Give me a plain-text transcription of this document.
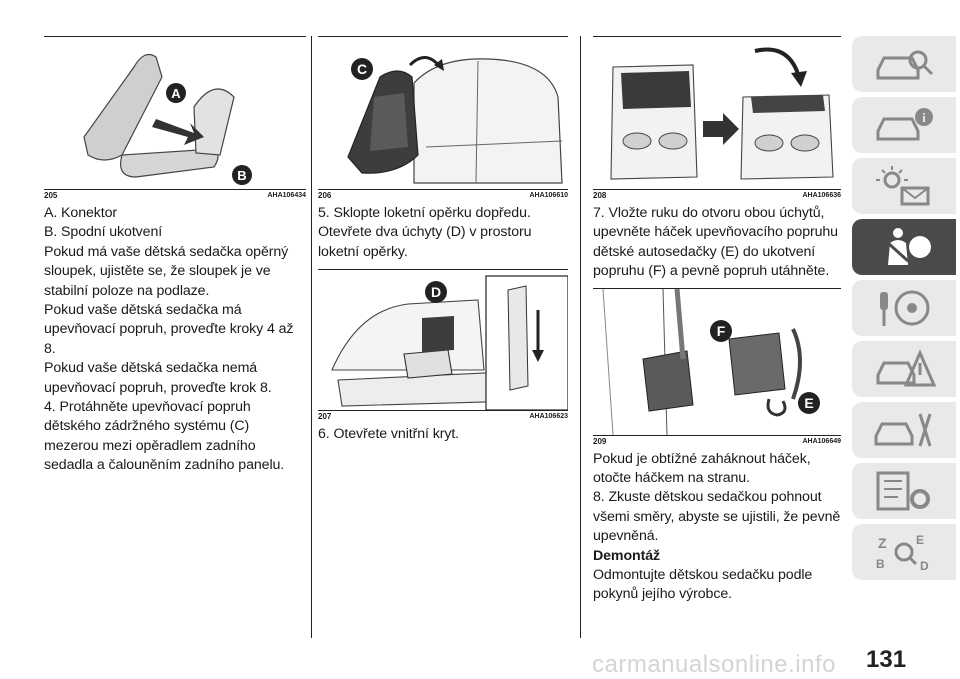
A
B
205	AHA106434

A. Konektor

B. Spodní ukotvení

Pokud má vaše dětská sedačka opěrný sloupek, ujistěte se, že sloupek je ve stabilní poloze na podlaze.

Pokud vaše dětská sedačka má upevňovací popruh, proveďte kroky 4 až 8.

Pokud vaše dětská sedačka nemá upevňovací popruh, proveďte krok 8.

4. Protáhněte upevňovací popruh dětského zádržného systému (C) mezerou mezi opěradlem zadního sedadla a čalouněním zadního panelu.

C
206	AHA106610

5. Sklopte loketní opěrku dopředu. Otevřete dva úchyty (D) v prostoru loketní opěrky.

D
207	AHA106623

6. Otevřete vnitřní kryt.

208	AHA106636

7. Vložte ruku do otvoru obou úchytů, upevněte háček upevňovacího popruhu dětské autosedačky (E) do ukotvení popruhu (F) a pevně popruh utáhněte.

F
E
209	AHA106649

Pokud je obtížné zaháknout háček, otočte háčkem na stranu.

8. Zkuste dětskou sedačkou pohnout všemi směry, abyste se ujistili, že pevně upevněná.

Demontáž

Odmontujte dětskou sedačku podle pokynů jejího výrobce.

i
Z E
B	D
carmanualsonline.info 131
